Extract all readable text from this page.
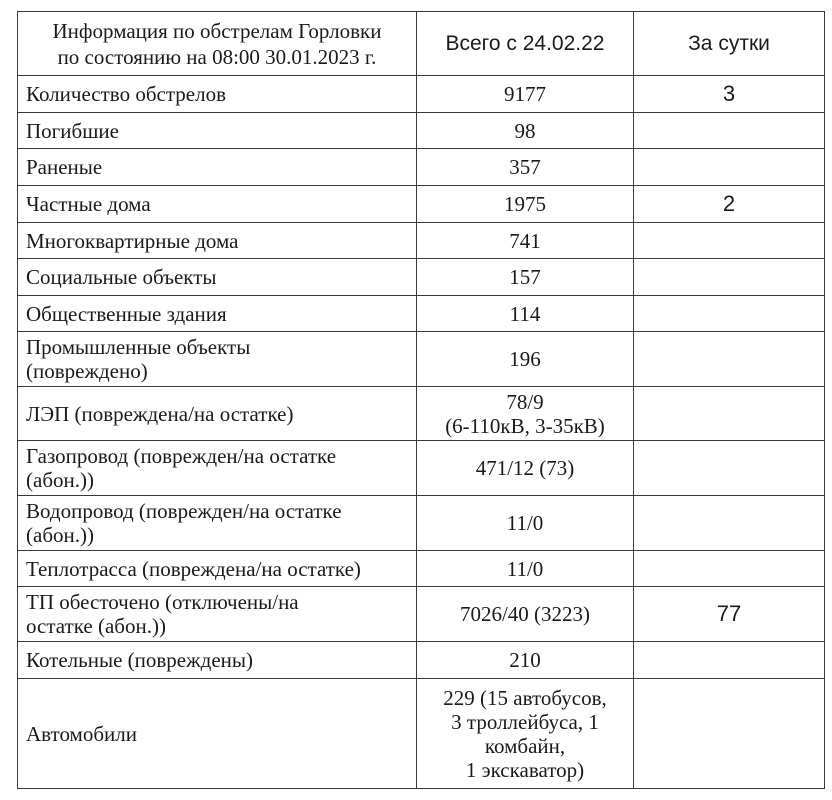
Информация по обстрелам Горловки
по состоянию на 08:00 30.01.2023 г.	Всего с 24.02.22	За сутки
Количество обстрелов	9177	3
Погибшие	98	
Раненые	357	
Частные дома	1975	2
Многоквартирные дома	741	
Социальные объекты	157	
Общественные здания	114	
Промышленные объекты
(повреждено)	196	
ЛЭП (повреждена/на остатке)	78/9
(6-110кВ, 3-35кВ)	
Газопровод (поврежден/на остатке
(абон.))	471/12 (73)	
Водопровод (поврежден/на остатке
(абон.))	11/0	
Теплотрасса (повреждена/на остатке)	11/0	
ТП обесточено (отключены/на
остатке (абон.))	7026/40 (3223)	77
Котельные (повреждены)	210	
Автомобили	229 (15 автобусов,
3 троллейбуса, 1
комбайн,
1 экскаватор)	
